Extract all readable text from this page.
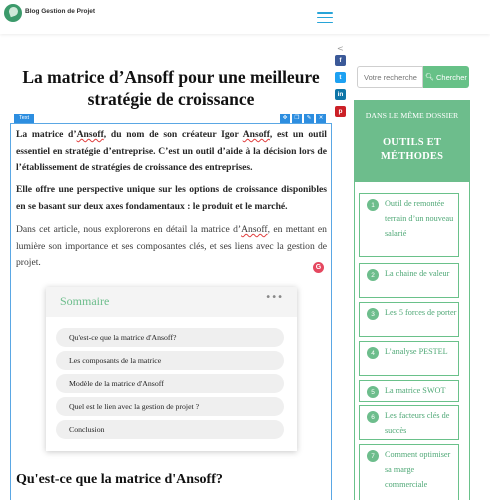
Blog Gestion de Projet
La matrice d’Ansoff pour une meilleure stratégie de croissance
<
f
t
in
p
Text	✥	❐	✎	✕

La matrice d’Ansoff, du nom de son créateur Igor Ansoff, est un outil essentiel en stratégie d’entreprise. C’est un outil d’aide à la décision lors de l’établissement de stratégies de croissance des entreprises.

Elle offre une perspective unique sur les options de croissance disponibles en se basant sur deux axes fondamentaux : le produit et le marché.

Dans cet article, nous explorerons en détail la matrice d’Ansoff, en mettant en lumière son importance et ses composantes clés, et ses liens avec la gestion de projet.	G
Sommaire	•••
Qu'est-ce que la matrice d'Ansoff?
Les composants de la matrice
Modèle de la matrice d'Ansoff
Quel est le lien avec la gestion de projet ?
Conclusion
Qu'est-ce que la matrice d'Ansoff?
Votre recherche
🔍︎ Chercher
DANS LE MÊME DOSSIER
OUTILS ET MÉTHODES
1	Outil de remontée terrain d’un nouveau salarié
2	La chaine de valeur
3	Les 5 forces de porter
4	L’analyse PESTEL
5	La matrice SWOT
6	Les facteurs clés de succès
7	Comment optimiser sa marge commerciale
